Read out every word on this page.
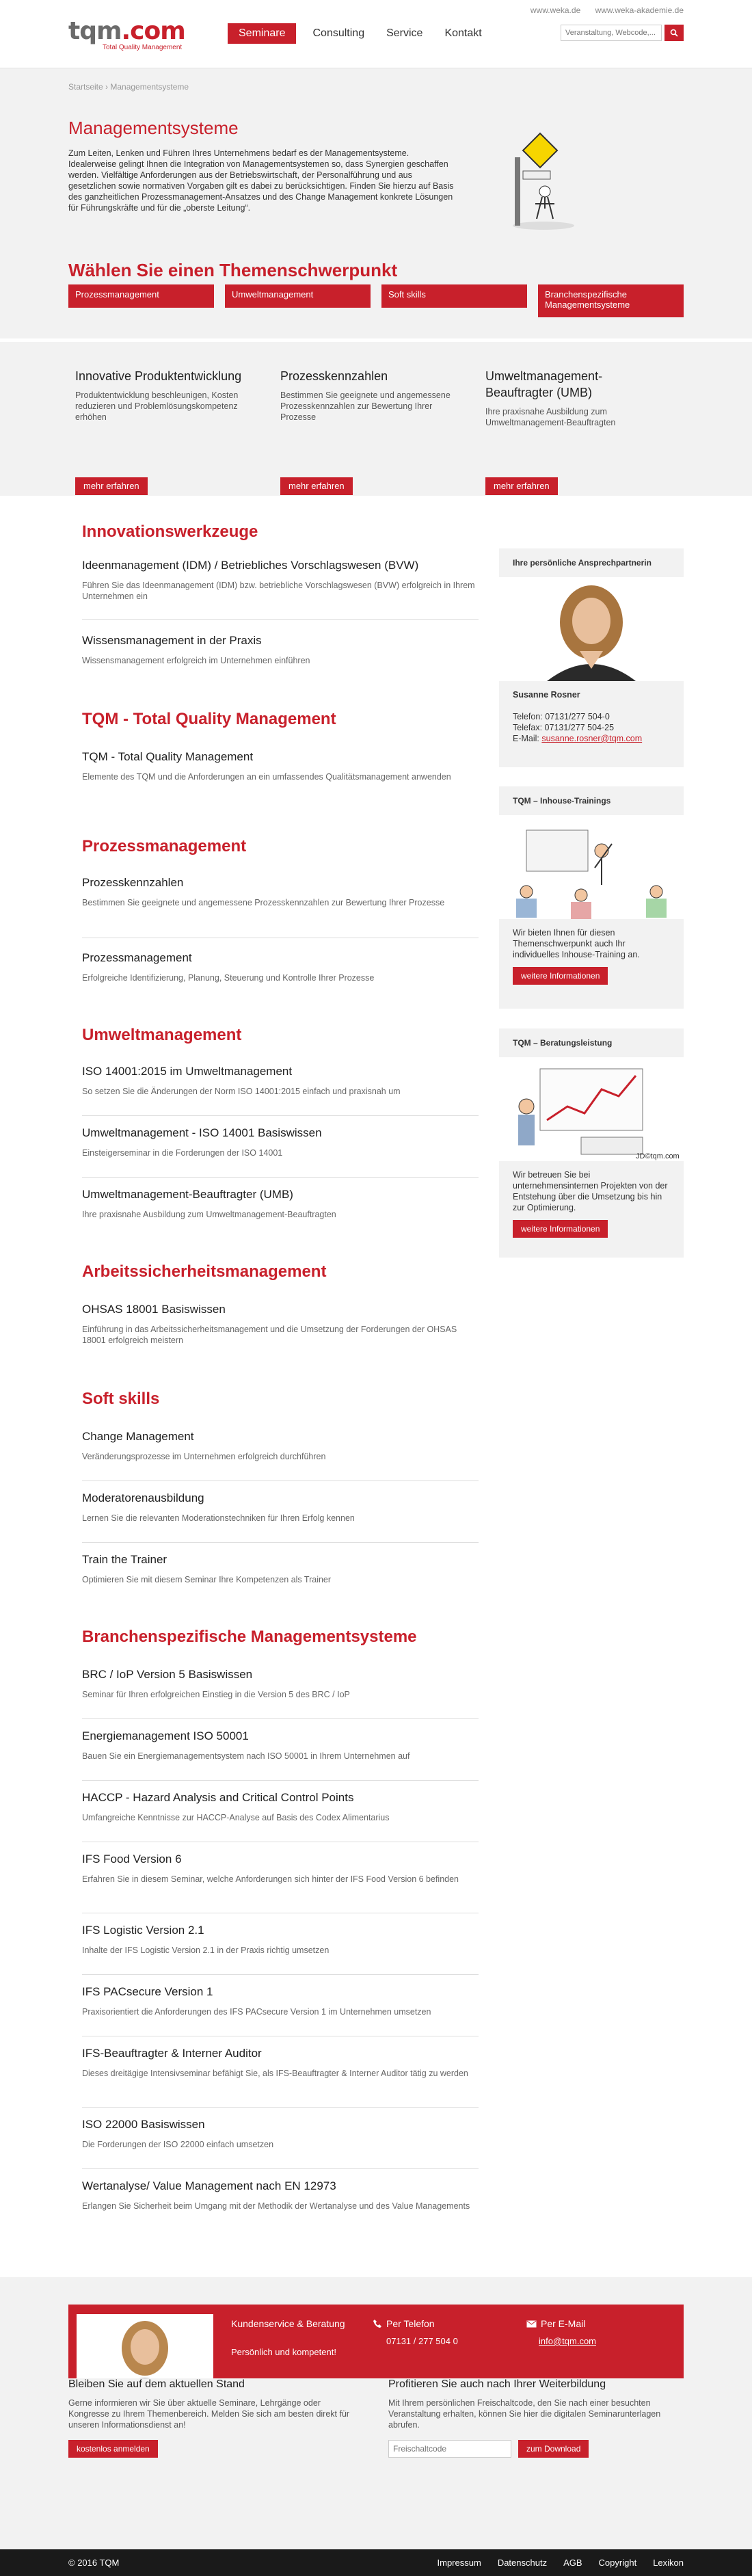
www.weka.de www.weka-akademie.de
tqm.com
Total Quality Management
Seminare	Consulting	Service	Kontakt
Veranstaltung, Webcode,...
Startseite › Managementsysteme
Managementsysteme

Zum Leiten, Lenken und Führen Ihres Unternehmens bedarf es der Managementsysteme. Idealerweise gelingt Ihnen die Integration von Managementsystemen so, dass Synergien geschaffen werden. Vielfältige Anforderungen aus der Betriebswirtschaft, der Personalführung und aus gesetzlichen sowie normativen Vorgaben gilt es dabei zu berücksichtigen. Finden Sie hierzu auf Basis des ganzheitlichen Prozessmanagement-Ansatzes und des Change Management konkrete Lösungen für Führungskräfte und für die „oberste Leitung“.

Wählen Sie einen Themenschwerpunkt
Prozessmanagement	Umweltmanagement	Soft skills	Branchenspezifische Managementsysteme
Innovative Produktentwicklung
Produktentwicklung beschleunigen, Kosten reduzieren und Problemlösungskompetenz erhöhen
mehr erfahren
Prozesskennzahlen
Bestimmen Sie geeignete und angemessene Prozesskennzahlen zur Bewertung Ihrer Prozesse
mehr erfahren
Umweltmanagement-Beauftragter (UMB)
Ihre praxisnahe Ausbildung zum Umweltmanagement-Beauftragten
mehr erfahren
Innovationswerkzeuge
Ideenmanagement (IDM) / Betriebliches Vorschlagswesen (BVW)
Führen Sie das Ideenmanagement (IDM) bzw. betriebliche Vorschlagswesen (BVW) erfolgreich in Ihrem Unternehmen ein
Wissensmanagement in der Praxis
Wissensmanagement erfolgreich im Unternehmen einführen
TQM - Total Quality Management
TQM - Total Quality Management
Elemente des TQM und die Anforderungen an ein umfassendes Qualitätsmanagement anwenden
Prozessmanagement
Prozesskennzahlen
Bestimmen Sie geeignete und angemessene Prozesskennzahlen zur Bewertung Ihrer Prozesse
Prozessmanagement
Erfolgreiche Identifizierung, Planung, Steuerung und Kontrolle Ihrer Prozesse
Umweltmanagement
ISO 14001:2015 im Umweltmanagement
So setzen Sie die Änderungen der Norm ISO 14001:2015 einfach und praxisnah um
Umweltmanagement - ISO 14001 Basiswissen
Einsteigerseminar in die Forderungen der ISO 14001
Umweltmanagement-Beauftragter (UMB)
Ihre praxisnahe Ausbildung zum Umweltmanagement-Beauftragten
Arbeitssicherheitsmanagement
OHSAS 18001 Basiswissen
Einführung in das Arbeitssicherheitsmanagement und die Umsetzung der Forderungen der OHSAS 18001 erfolgreich meistern
Soft skills
Change Management
Veränderungsprozesse im Unternehmen erfolgreich durchführen
Moderatorenausbildung
Lernen Sie die relevanten Moderationstechniken für Ihren Erfolg kennen
Train the Trainer
Optimieren Sie mit diesem Seminar Ihre Kompetenzen als Trainer
Branchenspezifische Managementsysteme
BRC / IoP Version 5 Basiswissen
Seminar für Ihren erfolgreichen Einstieg in die Version 5 des BRC / IoP
Energiemanagement ISO 50001
Bauen Sie ein Energiemanagementsystem nach ISO 50001 in Ihrem Unternehmen auf
HACCP - Hazard Analysis and Critical Control Points
Umfangreiche Kenntnisse zur HACCP-Analyse auf Basis des Codex Alimentarius
IFS Food Version 6
Erfahren Sie in diesem Seminar, welche Anforderungen sich hinter der IFS Food Version 6 befinden
IFS Logistic Version 2.1
Inhalte der IFS Logistic Version 2.1 in der Praxis richtig umsetzen
IFS PACsecure Version 1
Praxisorientiert die Anforderungen des IFS PACsecure Version 1 im Unternehmen umsetzen
IFS-Beauftragter & Interner Auditor
Dieses dreitägige Intensivseminar befähigt Sie, als IFS-Beauftragter & Interner Auditor tätig zu werden
ISO 22000 Basiswissen
Die Forderungen der ISO 22000 einfach umsetzen
Wertanalyse/ Value Management nach EN 12973
Erlangen Sie Sicherheit beim Umgang mit der Methodik der Wertanalyse und des Value Managements
Ihre persönliche Ansprechpartnerin
Susanne Rosner
Telefon: 07131/277 504-0
Telefax: 07131/277 504-25
E-Mail: susanne.rosner@tqm.com
TQM – Inhouse-Trainings
Wir bieten Ihnen für diesen Themenschwerpunkt auch Ihr individuelles Inhouse-Training an.
weitere Informationen
TQM – Beratungsleistung
JD©tqm.com
Wir betreuen Sie bei unternehmensinternen Projekten von der Entstehung über die Umsetzung bis hin zur Optimierung.
weitere Informationen
Kundenservice & Beratung
Persönlich und kompetent!
Per Telefon
07131 / 277 504 0
Per E-Mail
info@tqm.com
Bleiben Sie auf dem aktuellen Stand
Gerne informieren wir Sie über aktuelle Seminare, Lehrgänge oder Kongresse zu Ihrem Themenbereich. Melden Sie sich am besten direkt für unseren Informationsdienst an!
kostenlos anmelden
Profitieren Sie auch nach Ihrer Weiterbildung
Mit Ihrem persönlichen Freischaltcode, den Sie nach einer besuchten Veranstaltung erhalten, können Sie hier die digitalen Seminarunterlagen abrufen.
Freischaltcode
zum Download
© 2016 TQM	Impressum Datenschutz AGB Copyright Lexikon
